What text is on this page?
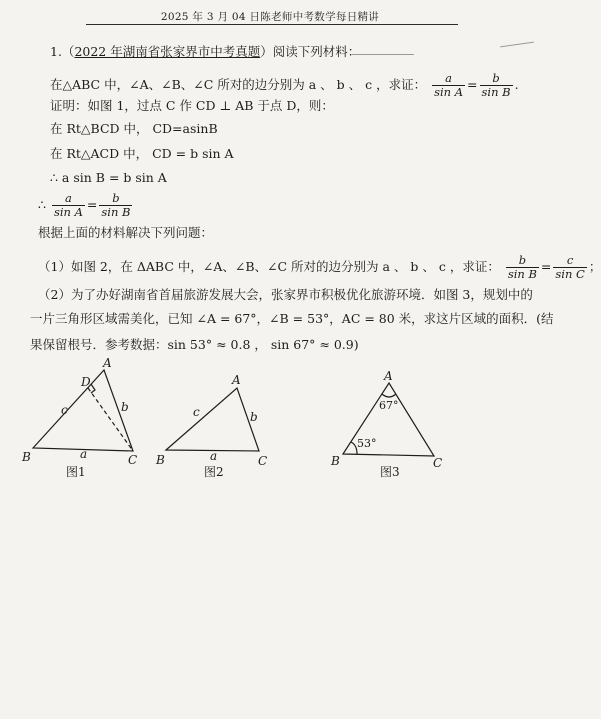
2025 年 3 月 04 日陈老师中考数学每日精讲
1.（2022 年湖南省张家界市中考真题）阅读下列材料：
在△ABC 中，∠A、∠B、∠C 所对的边分别为 a 、 b 、 c ，求证： $\frac{a}{\text{sin A}} = \frac{b}{\text{sin B}}$ .
证明：如图 1，过点 C 作 CD ⊥ AB 于点 D，则：
在 Rt△BCD 中， CD=asinB
在 Rt△ACD 中， CD = b sin A
∴ a sin B = b sin A
∴ $\frac{a}{\text{sin A}} = \frac{b}{\text{sin B}}$
根据上面的材料解决下列问题：
（1）如图 2，在 ΔABC 中，∠A、∠B、∠C 所对的边分别为 a 、 b 、 c ，求证： $\frac{b}{\text{sin B}} = \frac{c}{\text{sin C}}$ ；
（2）为了办好湖南省首届旅游发展大会，张家界市积极优化旅游环境．如图 3，规划中的
一片三角形区域需美化，已知 ∠A = 67°，∠B = 53°，AC = 80 米，求这片区域的面积．(结
果保留根号．参考数据：sin 53° ≈ 0.8 ， sin 67° ≈ 0.9)
A
B	C
D
a
b
c
图1
A
B	C
a
b
c
图2
A
B	C
67°
53°
图3
